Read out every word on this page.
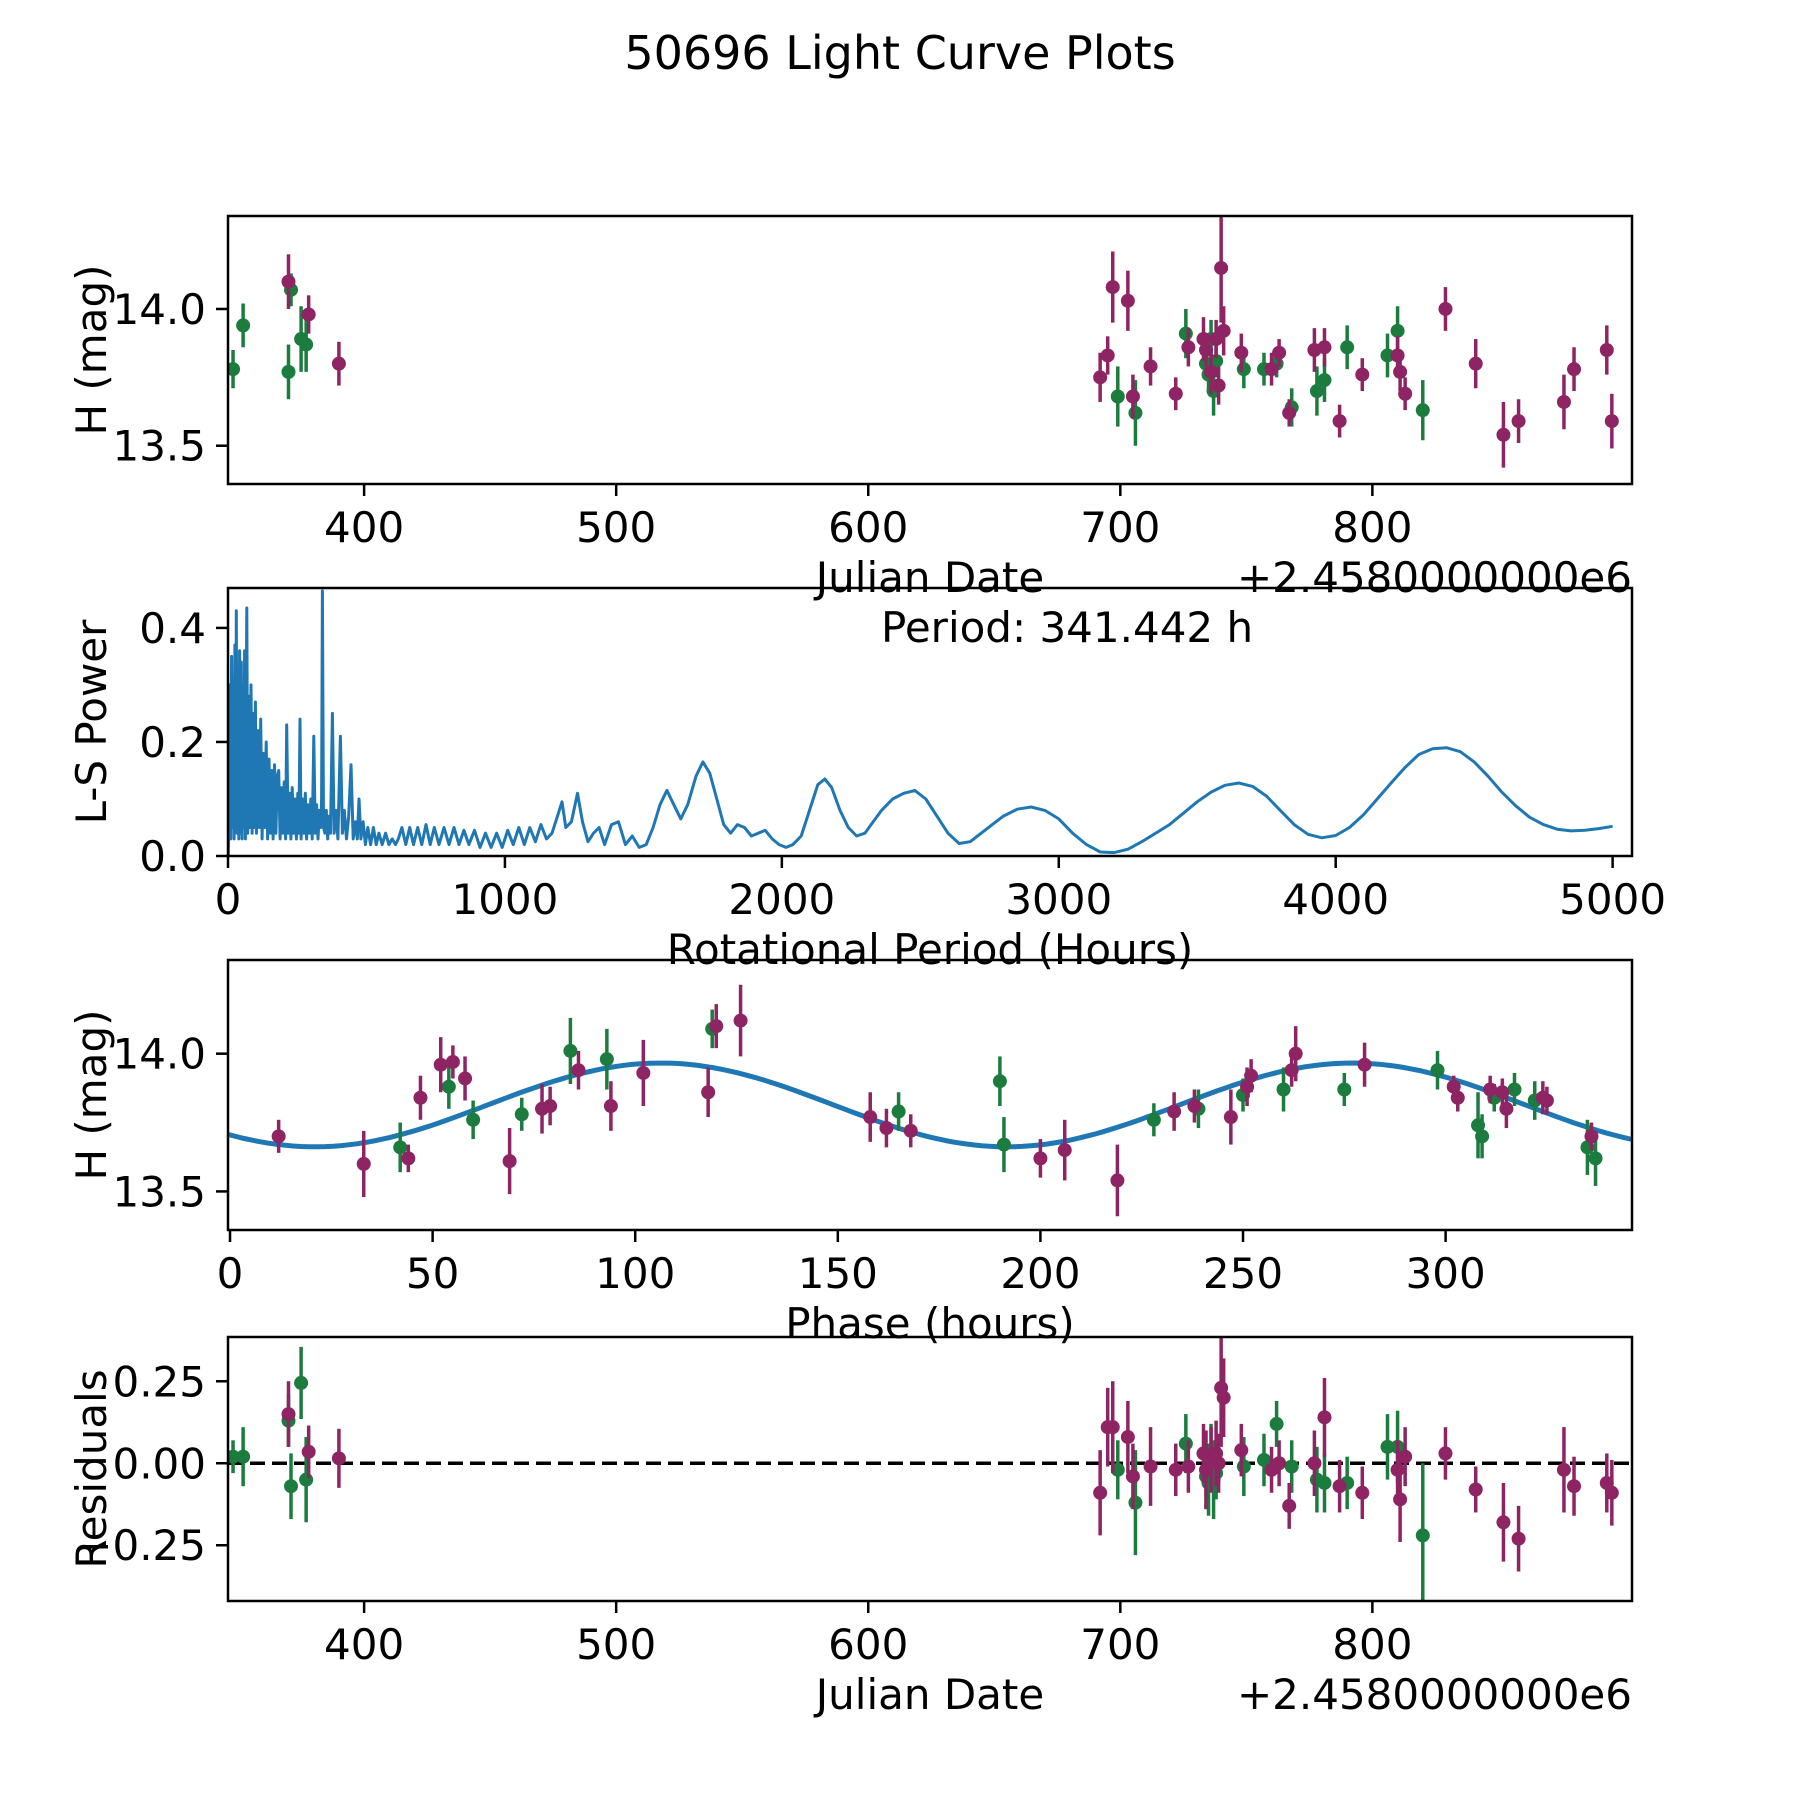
50696 Light Curve Plots
400	500	600	700	800
13.5
14.0
Julian Date	+2.4580000000e6
H (mag)
0	1000	2000	3000	4000	5000
0.0
0.2
0.4
Rotational Period (Hours)
L-S Power	Period: 341.442 h
0	50	100	150	200	250	300
13.5
14.0
Phase (hours)
H (mag)
400	500	600	700	800
−0.25
0.00
0.25
Julian Date	+2.4580000000e6
Residuals
